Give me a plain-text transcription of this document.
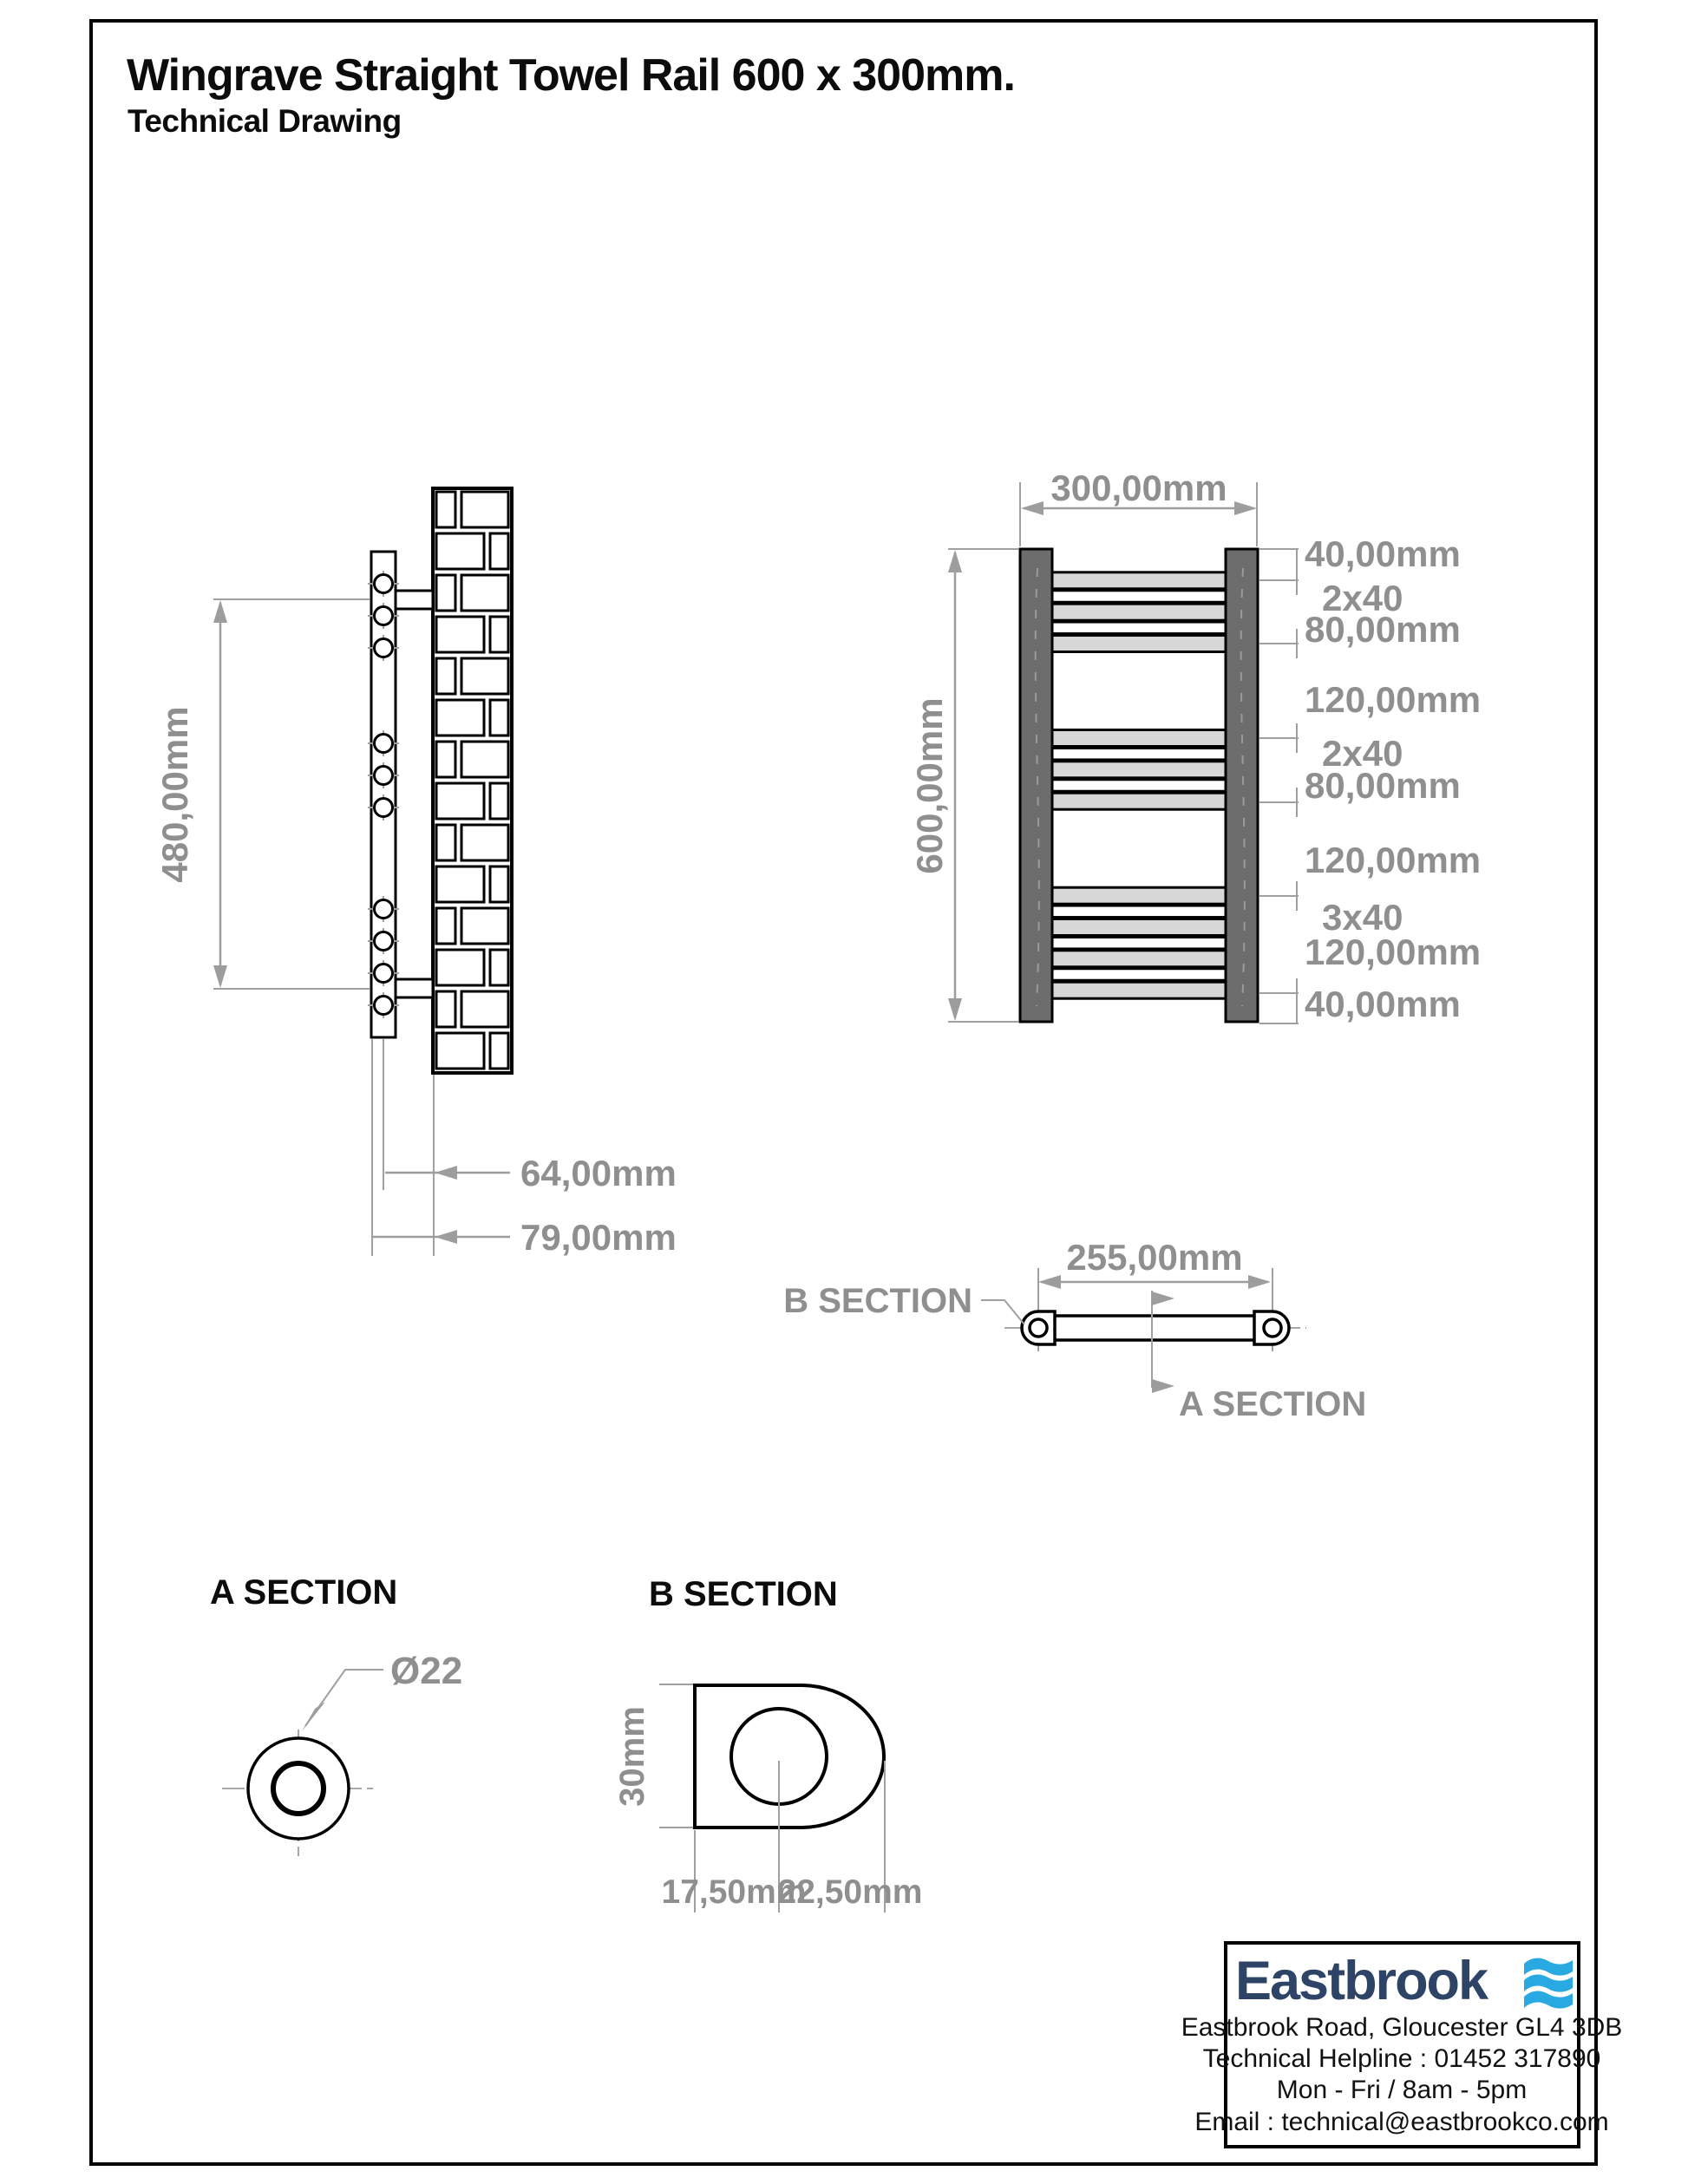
Wingrave Straight Towel Rail 600 x 300mm.
Technical Drawing
480,00mm
64,00mm
79,00mm
300,00mm
600,00mm
40,00mm
2x40
80,00mm
120,00mm
2x40
80,00mm
120,00mm
3x40
120,00mm
40,00mm
255,00mm
B SECTION
A SECTION
A SECTION
Ø22
B SECTION
30mm
17,50mm
22,50mm
Eastbrook
Eastbrook Road, Gloucester GL4 3DB
Technical Helpline : 01452 317890
Mon - Fri / 8am - 5pm
Email : technical@eastbrookco.com
